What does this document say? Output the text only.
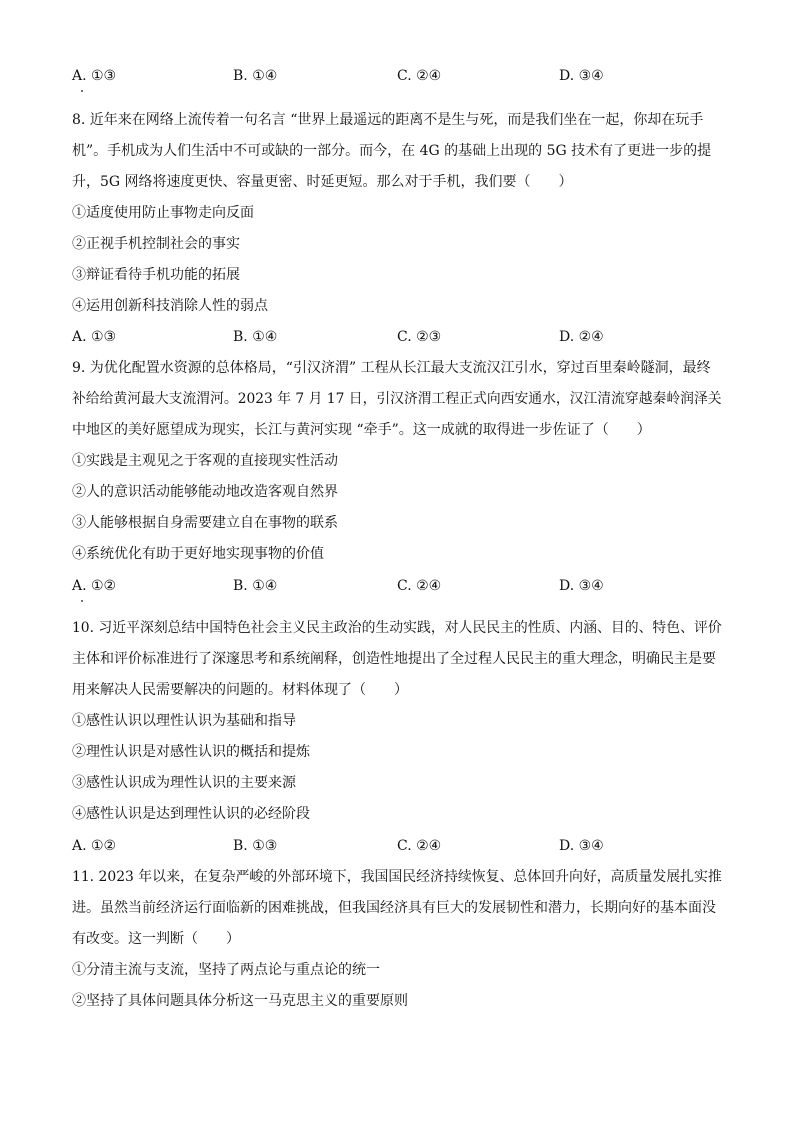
A. ①③	B. ①④	C. ②④	D. ③④
8. 近年来在网络上流传着一句名言 “世界上最遥远的距离不是生与死，而是我们坐在一起，你却在玩手
机”。手机成为人们生活中不可或缺的一部分。而今，在 4G 的基础上出现的 5G 技术有了更进一步的提
升，5G 网络将速度更快、容量更密、时延更短。那么对于手机，我们要（　　）
①适度使用防止事物走向反面
②正视手机控制社会的事实
③辩证看待手机功能的拓展
④运用创新科技消除人性的弱点
A. ①③	B. ①④	C. ②③	D. ②④
9. 为优化配置水资源的总体格局，“引汉济渭” 工程从长江最大支流汉江引水，穿过百里秦岭隧洞，最终
补给给黄河最大支流渭河。2023 年 7 月 17 日，引汉济渭工程正式向西安通水，汉江清流穿越秦岭润泽关
中地区的美好愿望成为现实，长江与黄河实现 “牵手”。这一成就的取得进一步佐证了（　　）
①实践是主观见之于客观的直接现实性活动
②人的意识活动能够能动地改造客观自然界
③人能够根据自身需要建立自在事物的联系
④系统优化有助于更好地实现事物的价值
A. ①②	B. ①④	C. ②④	D. ③④
10. 习近平深刻总结中国特色社会主义民主政治的生动实践，对人民民主的性质、内涵、目的、特色、评价
主体和评价标准进行了深邃思考和系统阐释，创造性地提出了全过程人民民主的重大理念，明确民主是要
用来解决人民需要解决的问题的。材料体现了（　　）
①感性认识以理性认识为基础和指导
②理性认识是对感性认识的概括和提炼
③感性认识成为理性认识的主要来源
④感性认识是达到理性认识的必经阶段
A. ①②	B. ①③	C. ②④	D. ③④
11. 2023 年以来，在复杂严峻的外部环境下，我国国民经济持续恢复、总体回升向好，高质量发展扎实推
进。虽然当前经济运行面临新的困难挑战，但我国经济具有巨大的发展韧性和潜力，长期向好的基本面没
有改变。这一判断（　　）
①分清主流与支流，坚持了两点论与重点论的统一
②坚持了具体问题具体分析这一马克思主义的重要原则
